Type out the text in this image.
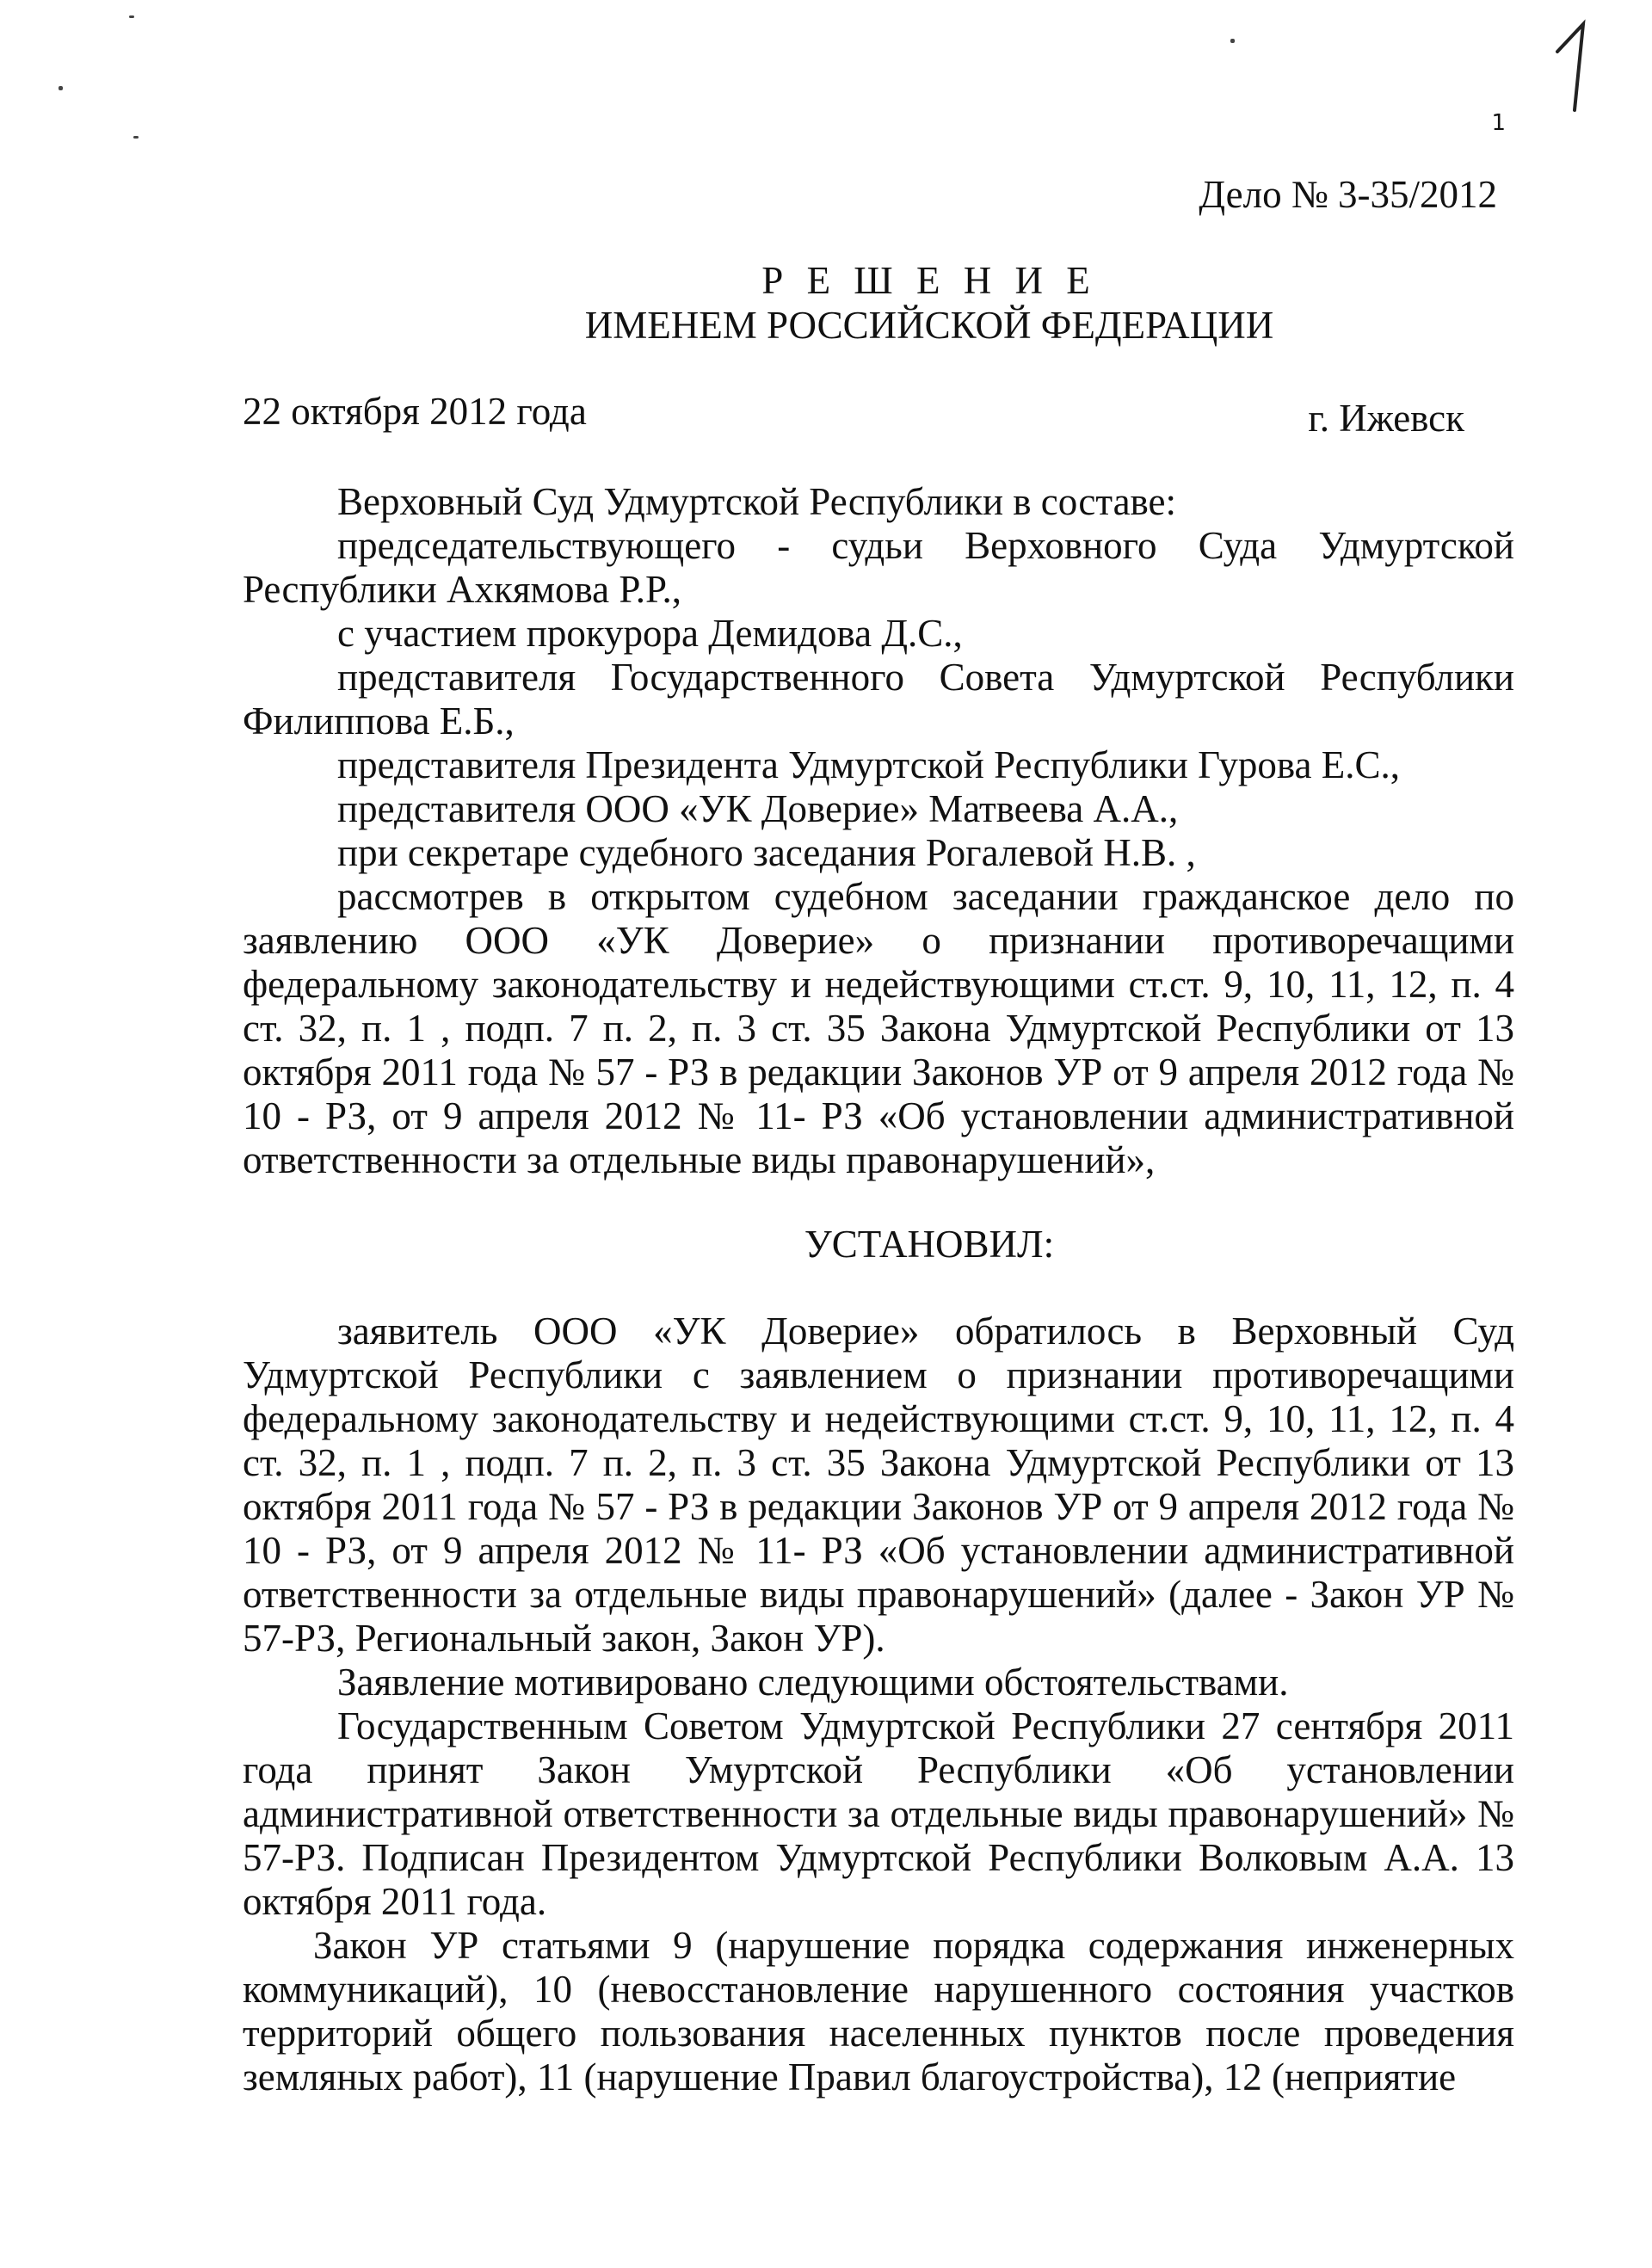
1
Дело № 3-35/2012
Р Е Ш Е Н И Е
ИМЕНЕМ РОССИЙСКОЙ ФЕДЕРАЦИИ
22 октября 2012 года	г. Ижевск

Верховный Суд Удмуртской Республики в составе:

председательствующего - судьи Верховного Суда Удмуртской Республики Ахкямова Р.Р.,

с участием прокурора Демидова Д.С.,

представителя Государственного Совета Удмуртской Республики Филиппова Е.Б.,

представителя Президента Удмуртской Республики Гурова Е.С.,

представителя ООО «УК Доверие» Матвеева А.А.,

при секретаре судебного заседания Рогалевой Н.В. ,

рассмотрев в открытом судебном заседании гражданское дело по заявлению ООО «УК Доверие» о признании противоречащими федеральному законодательству и недействующими ст.ст. 9, 10, 11, 12, п. 4 ст. 32, п. 1 , подп. 7 п. 2, п. 3 ст. 35 Закона Удмуртской Республики от 13 октября 2011 года № 57 - РЗ в редакции Законов УР от 9 апреля 2012 года № 10 - РЗ, от 9 апреля 2012 № 11- РЗ «Об установлении административной ответственности за отдельные виды правонарушений»,

УСТАНОВИЛ:

заявитель ООО «УК Доверие» обратилось в Верховный Суд Удмуртской Республики с заявлением о признании противоречащими федеральному законодательству и недействующими ст.ст. 9, 10, 11, 12, п. 4 ст. 32, п. 1 , подп. 7 п. 2, п. 3 ст. 35 Закона Удмуртской Республики от 13 октября 2011 года № 57 - РЗ в редакции Законов УР от 9 апреля 2012 года № 10 - РЗ, от 9 апреля 2012 № 11- РЗ «Об установлении административной ответственности за отдельные виды правонарушений» (далее - Закон УР № 57-РЗ, Региональный закон, Закон УР).

Заявление мотивировано следующими обстоятельствами.

Государственным Советом Удмуртской Республики 27 сентября 2011 года принят Закон Умуртской Республики «Об установлении административной ответственности за отдельные виды правонарушений» № 57-РЗ. Подписан Президентом Удмуртской Республики Волковым А.А. 13 октября 2011 года.

Закон УР статьями 9 (нарушение порядка содержания инженерных коммуникаций), 10 (невосстановление нарушенного состояния участков территорий общего пользования населенных пунктов после проведения земляных работ), 11 (нарушение Правил благоустройства), 12 (неприятие
